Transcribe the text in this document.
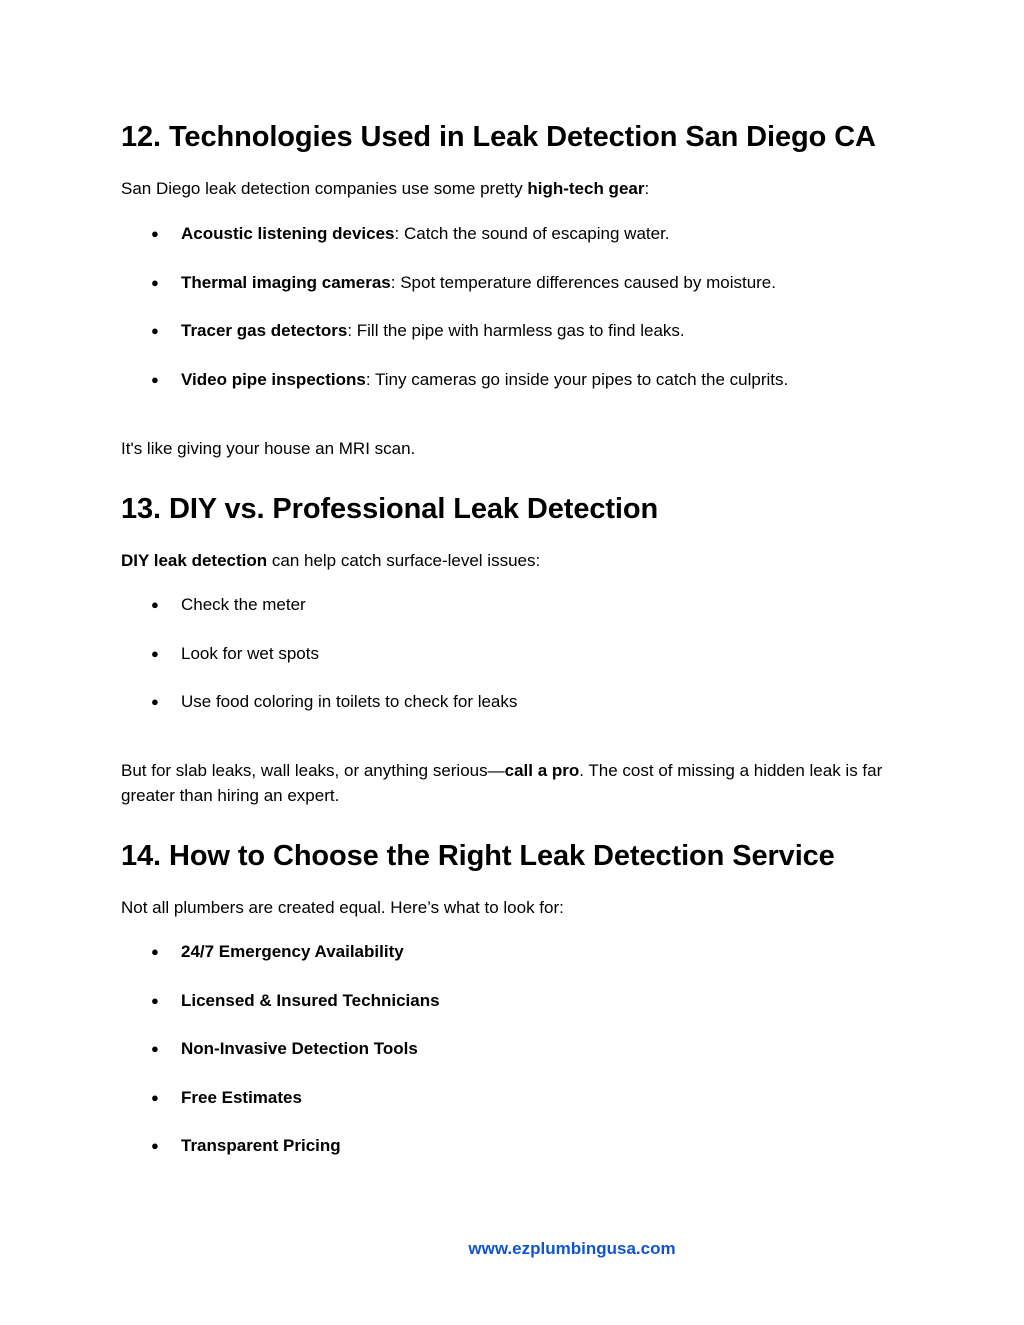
12. Technologies Used in Leak Detection San Diego CA

San Diego leak detection companies use some pretty high-tech gear:

● Acoustic listening devices: Catch the sound of escaping water.
● Thermal imaging cameras: Spot temperature differences caused by moisture.
● Tracer gas detectors: Fill the pipe with harmless gas to find leaks.
● Video pipe inspections: Tiny cameras go inside your pipes to catch the culprits.

It's like giving your house an MRI scan.

13. DIY vs. Professional Leak Detection

DIY leak detection can help catch surface-level issues:

● Check the meter
● Look for wet spots
● Use food coloring in toilets to check for leaks

But for slab leaks, wall leaks, or anything serious—call a pro. The cost of missing a hidden leak is far greater than hiring an expert.

14. How to Choose the Right Leak Detection Service

Not all plumbers are created equal. Here’s what to look for:

● 24/7 Emergency Availability
● Licensed & Insured Technicians
● Non-Invasive Detection Tools
● Free Estimates
● Transparent Pricing
www.ezplumbingusa.com
